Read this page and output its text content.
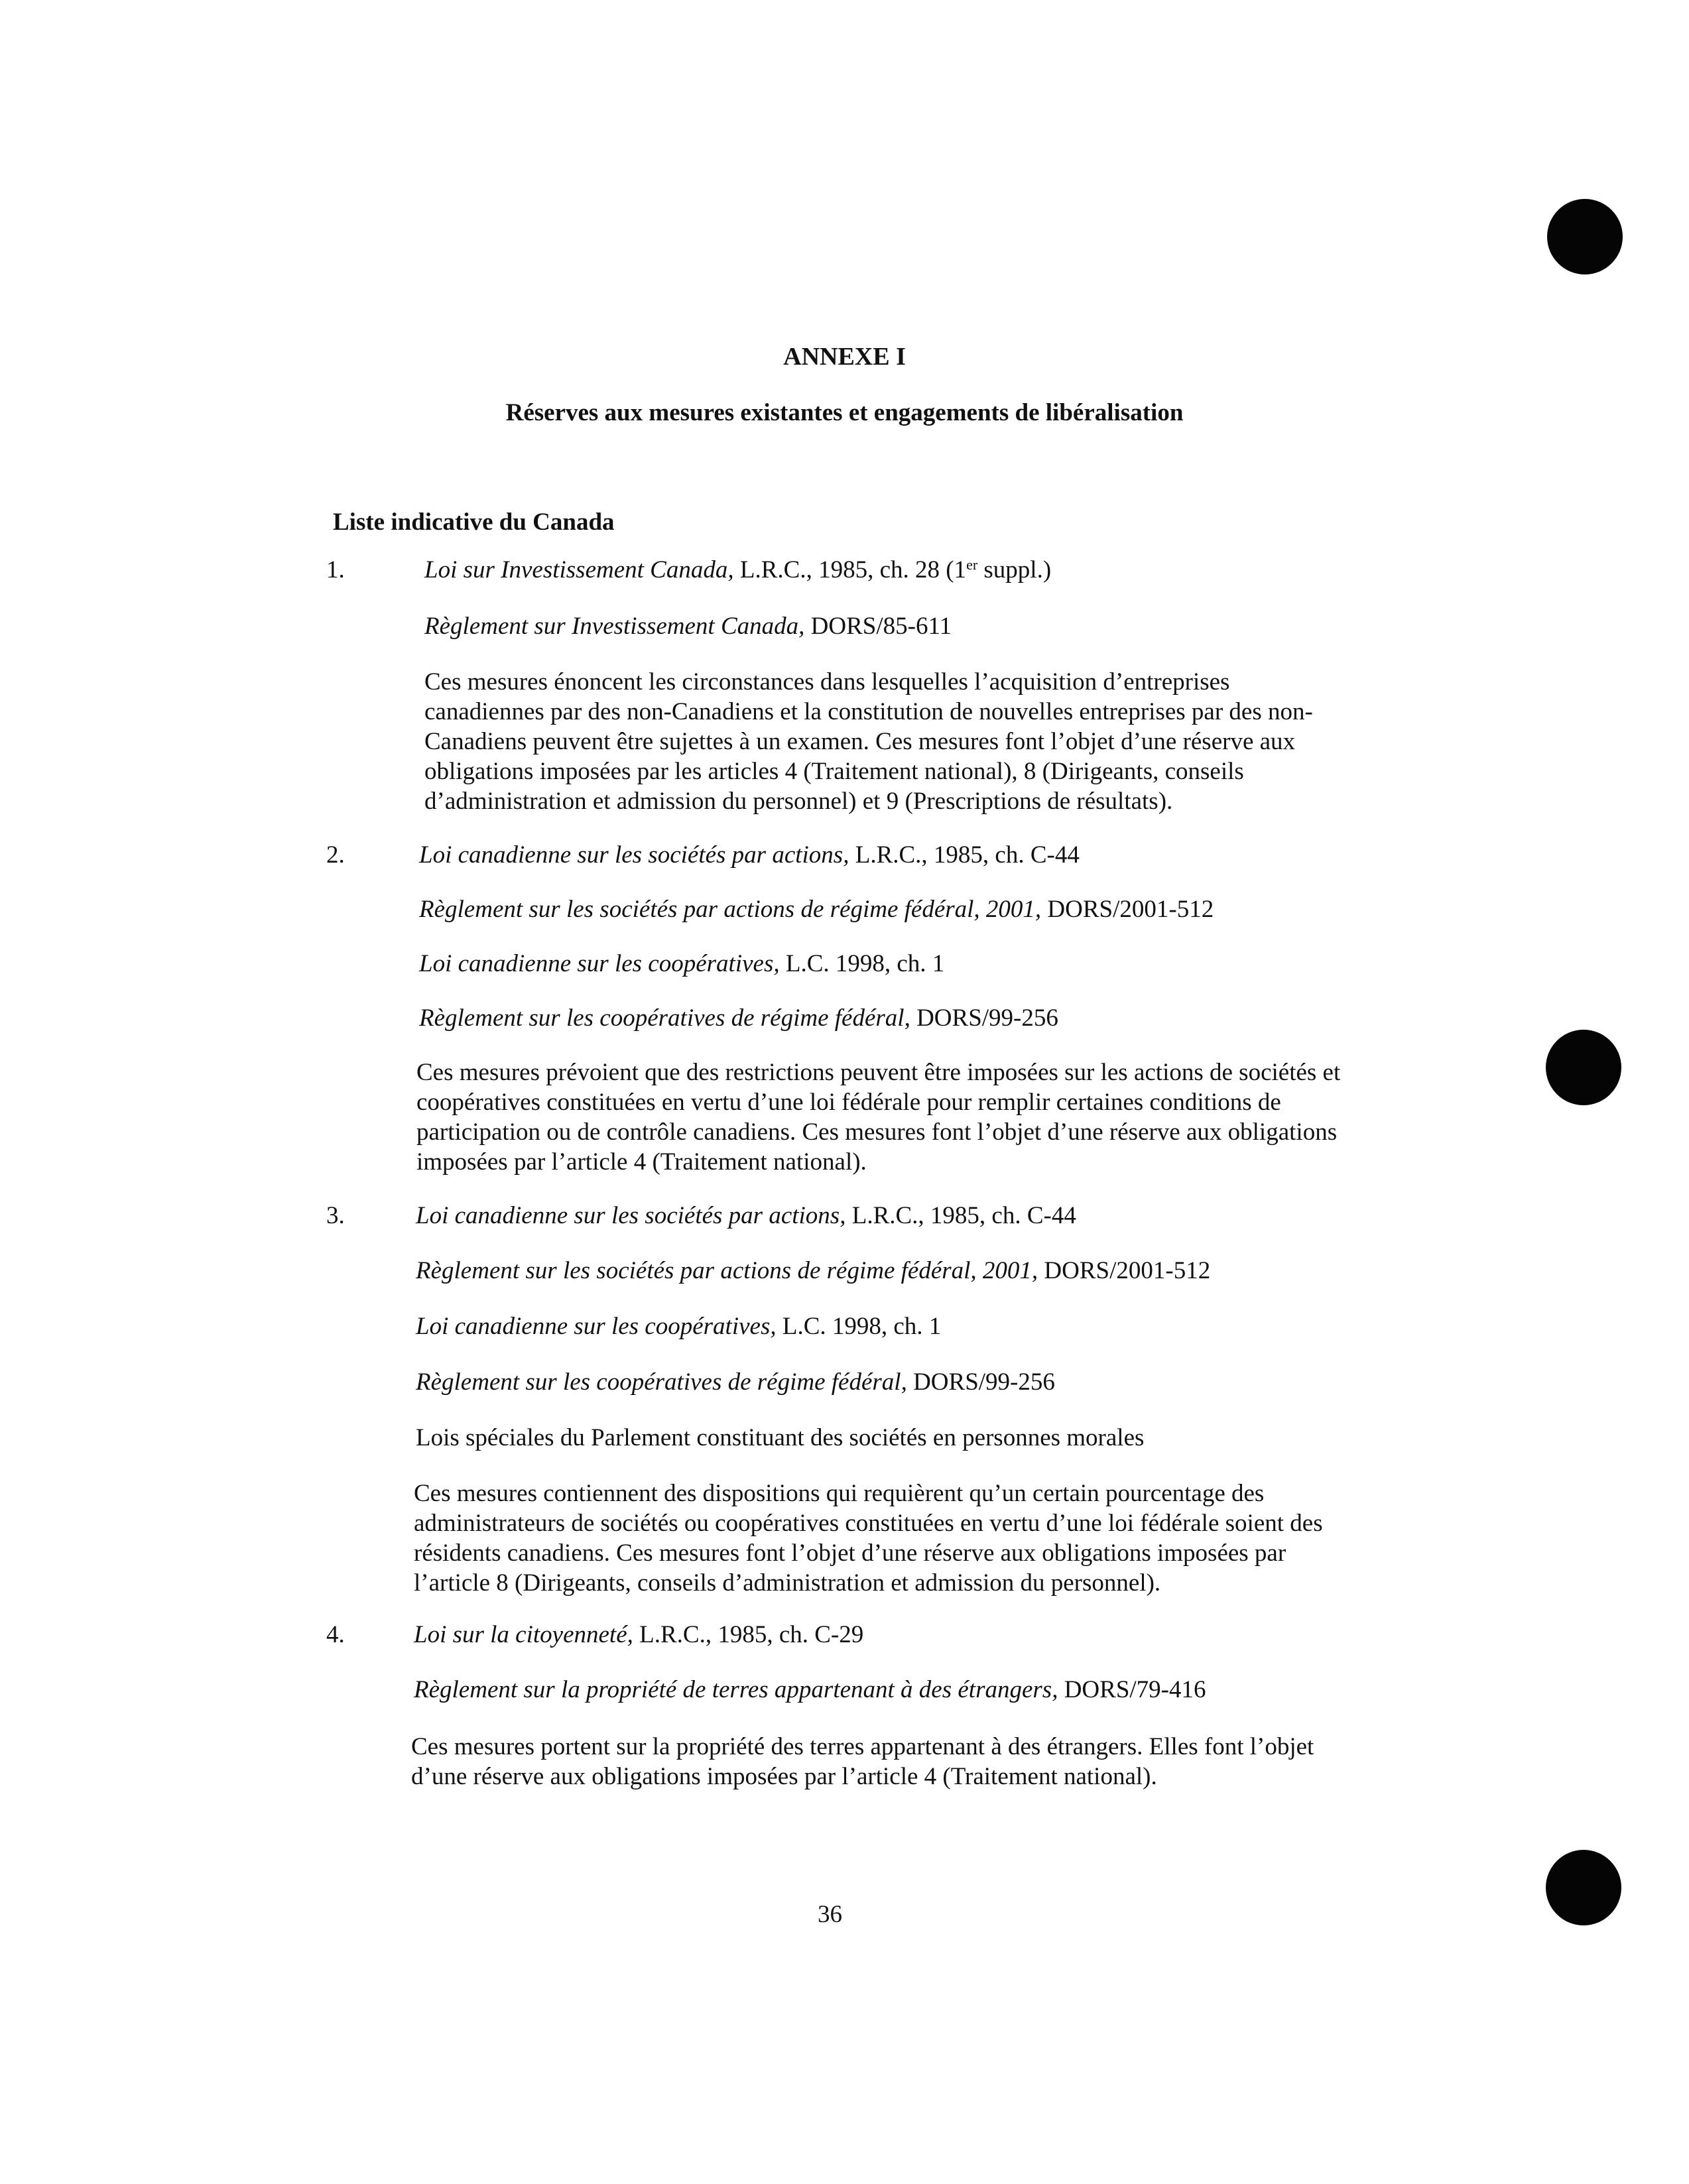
ANNEXE I
Réserves aux mesures existantes et engagements de libéralisation
Liste indicative du Canada
1.	Loi sur Investissement Canada, L.R.C., 1985, ch. 28 (1er suppl.)
Règlement sur Investissement Canada, DORS/85-611
Ces mesures énoncent les circonstances dans lesquelles l’acquisition d’entreprises canadiennes par des non-Canadiens et la constitution de nouvelles entreprises par des non-Canadiens peuvent être sujettes à un examen. Ces mesures font l’objet d’une réserve aux obligations imposées par les articles 4 (Traitement national), 8 (Dirigeants, conseils d’administration et admission du personnel) et 9 (Prescriptions de résultats).
2.	Loi canadienne sur les sociétés par actions, L.R.C., 1985, ch. C-44
Règlement sur les sociétés par actions de régime fédéral, 2001, DORS/2001-512
Loi canadienne sur les coopératives, L.C. 1998, ch. 1
Règlement sur les coopératives de régime fédéral, DORS/99-256
Ces mesures prévoient que des restrictions peuvent être imposées sur les actions de sociétés et coopératives constituées en vertu d’une loi fédérale pour remplir certaines conditions de participation ou de contrôle canadiens. Ces mesures font l’objet d’une réserve aux obligations imposées par l’article 4 (Traitement national).
3.	Loi canadienne sur les sociétés par actions, L.R.C., 1985, ch. C-44
Règlement sur les sociétés par actions de régime fédéral, 2001, DORS/2001-512
Loi canadienne sur les coopératives, L.C. 1998, ch. 1
Règlement sur les coopératives de régime fédéral, DORS/99-256
Lois spéciales du Parlement constituant des sociétés en personnes morales
Ces mesures contiennent des dispositions qui requièrent qu’un certain pourcentage des administrateurs de sociétés ou coopératives constituées en vertu d’une loi fédérale soient des résidents canadiens. Ces mesures font l’objet d’une réserve aux obligations imposées par l’article 8 (Dirigeants, conseils d’administration et admission du personnel).
4.	Loi sur la citoyenneté, L.R.C., 1985, ch. C-29
Règlement sur la propriété de terres appartenant à des étrangers, DORS/79-416
Ces mesures portent sur la propriété des terres appartenant à des étrangers. Elles font l’objet d’une réserve aux obligations imposées par l’article 4 (Traitement national).
36
